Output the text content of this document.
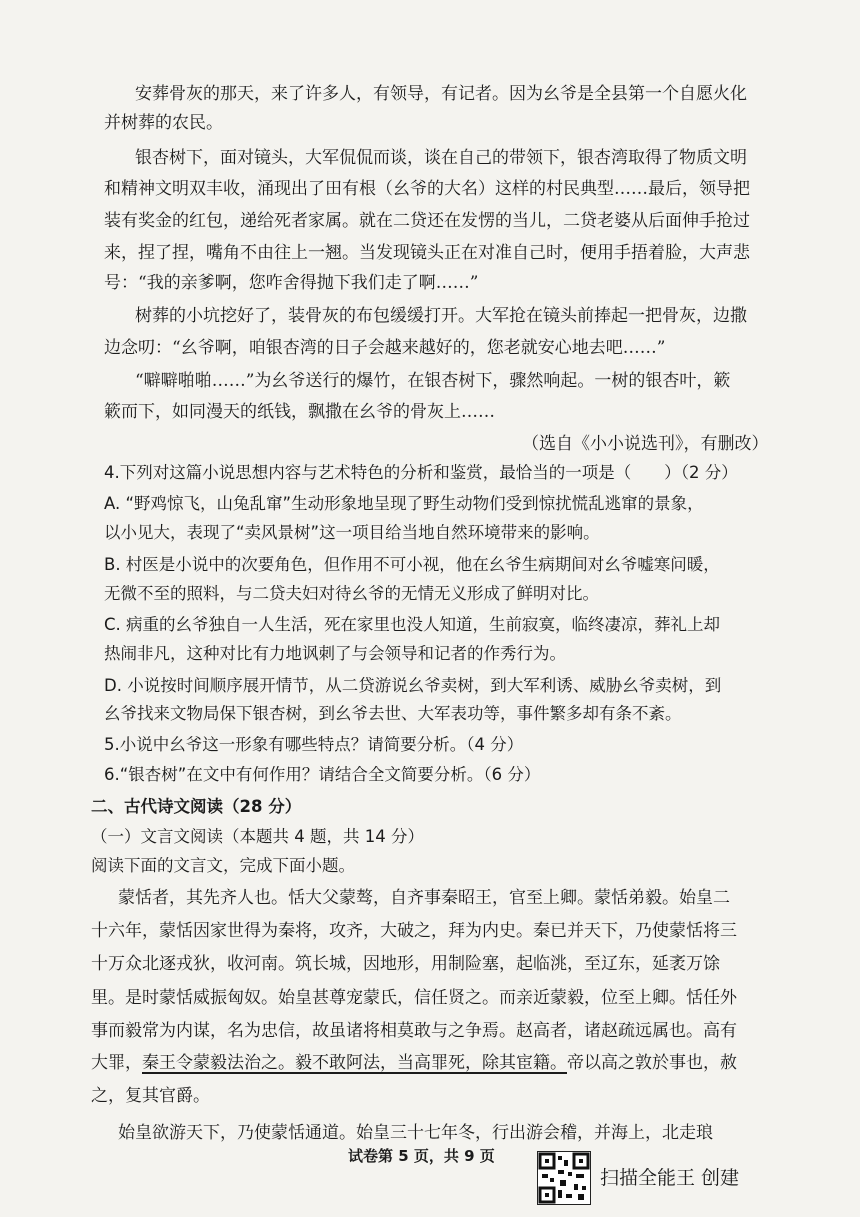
安葬骨灰的那天，来了许多人，有领导，有记者。因为幺爷是全县第一个自愿火化
并树葬的农民。
银杏树下，面对镜头，大军侃侃而谈，谈在自己的带领下，银杏湾取得了物质文明
和精神文明双丰收，涌现出了田有根（幺爷的大名）这样的村民典型……最后，领导把
装有奖金的红包，递给死者家属。就在二贷还在发愣的当儿，二贷老婆从后面伸手抢过
来，捏了捏，嘴角不由往上一翘。当发现镜头正在对准自己时，便用手捂着脸，大声悲
号：“我的亲爹啊，您咋舍得抛下我们走了啊……”
树葬的小坑挖好了，装骨灰的布包缓缓打开。大军抢在镜头前捧起一把骨灰，边撒
边念叨：“幺爷啊，咱银杏湾的日子会越来越好的，您老就安心地去吧……”
“噼噼啪啪……”为幺爷送行的爆竹，在银杏树下，骤然响起。一树的银杏叶，簌
簌而下，如同漫天的纸钱，飘撒在幺爷的骨灰上……
（选自《小小说选刊》，有删改）
4.下列对这篇小说思想内容与艺术特色的分析和鉴赏，最恰当的一项是（　　）（2 分）
A. “野鸡惊飞，山兔乱窜”生动形象地呈现了野生动物们受到惊扰慌乱逃窜的景象，
以小见大，表现了“卖风景树”这一项目给当地自然环境带来的影响。
B. 村医是小说中的次要角色，但作用不可小视，他在幺爷生病期间对幺爷嘘寒问暖，
无微不至的照料，与二贷夫妇对待幺爷的无情无义形成了鲜明对比。
C. 病重的幺爷独自一人生活，死在家里也没人知道，生前寂寞，临终凄凉，葬礼上却
热闹非凡，这种对比有力地讽刺了与会领导和记者的作秀行为。
D. 小说按时间顺序展开情节，从二贷游说幺爷卖树，到大军利诱、威胁幺爷卖树，到
幺爷找来文物局保下银杏树，到幺爷去世、大军表功等，事件繁多却有条不紊。
5.小说中幺爷这一形象有哪些特点？请简要分析。（4 分）
6.“银杏树”在文中有何作用？请结合全文简要分析。（6 分）
二、古代诗文阅读（28 分）
（一）文言文阅读（本题共 4 题，共 14 分）
阅读下面的文言文，完成下面小题。
蒙恬者，其先齐人也。恬大父蒙骜，自齐事秦昭王，官至上卿。蒙恬弟毅。始皇二
十六年，蒙恬因家世得为秦将，攻齐，大破之，拜为内史。秦已并天下，乃使蒙恬将三
十万众北逐戎狄，收河南。筑长城，因地形，用制险塞，起临洮，至辽东，延袤万馀
里。是时蒙恬威振匈奴。始皇甚尊宠蒙氏，信任贤之。而亲近蒙毅，位至上卿。恬任外
事而毅常为内谋，名为忠信，故虽诸将相莫敢与之争焉。赵高者，诸赵疏远属也。高有
大罪，秦王令蒙毅法治之。毅不敢阿法，当高罪死，除其宦籍。帝以高之敦於事也，赦
之，复其官爵。
始皇欲游天下，乃使蒙恬通道。始皇三十七年冬，行出游会稽，并海上，北走琅
试卷第 5 页，共 9 页
扫描全能王 创建
